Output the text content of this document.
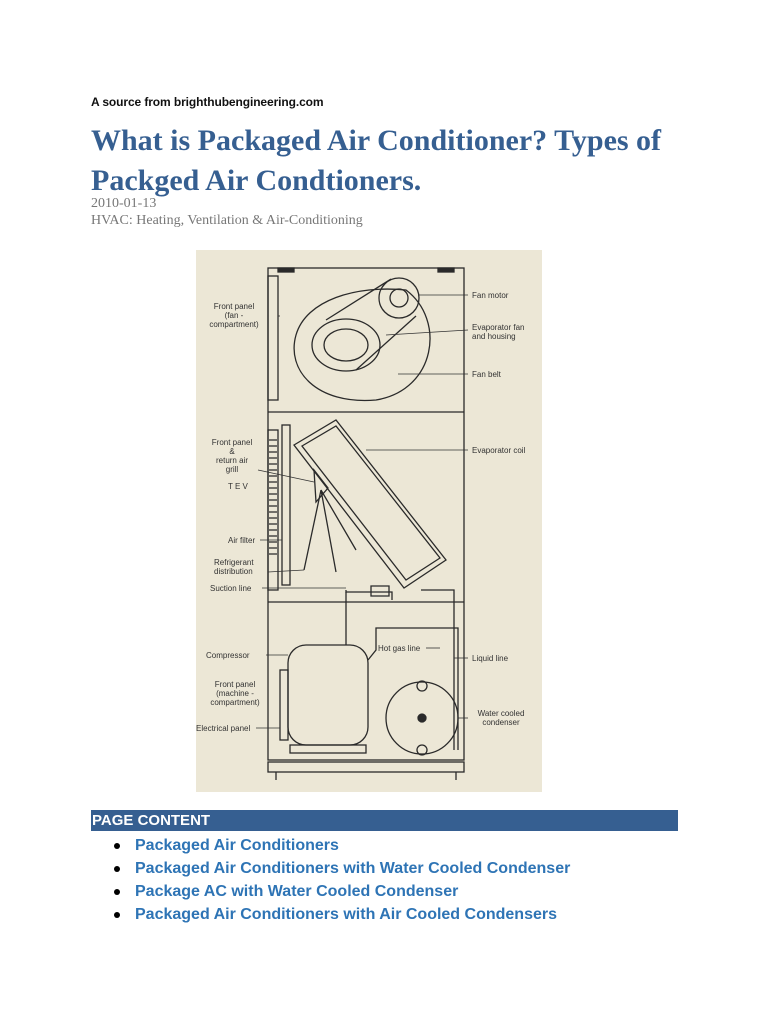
A source from brighthubengineering.com
What is Packaged Air Conditioner? Types of Packged Air Condtioners.
2010-01-13
HVAC: Heating, Ventilation & Air-Conditioning
Front panel
(fan -
compartment)
Fan motor
Evaporator fan
and housing
Fan belt
Front panel
&
return air
grill
Evaporator coil
T E V
Air filter
Refrigerant
distribution
Suction line
Compressor
Hot gas line
Liquid line
Front panel
(machine -
compartment)
Water cooled
condenser
Electrical panel
PAGE CONTENT
Packaged Air Conditioners
Packaged Air Conditioners with Water Cooled Condenser
Package AC with Water Cooled Condenser
Packaged Air Conditioners with Air Cooled Condensers
